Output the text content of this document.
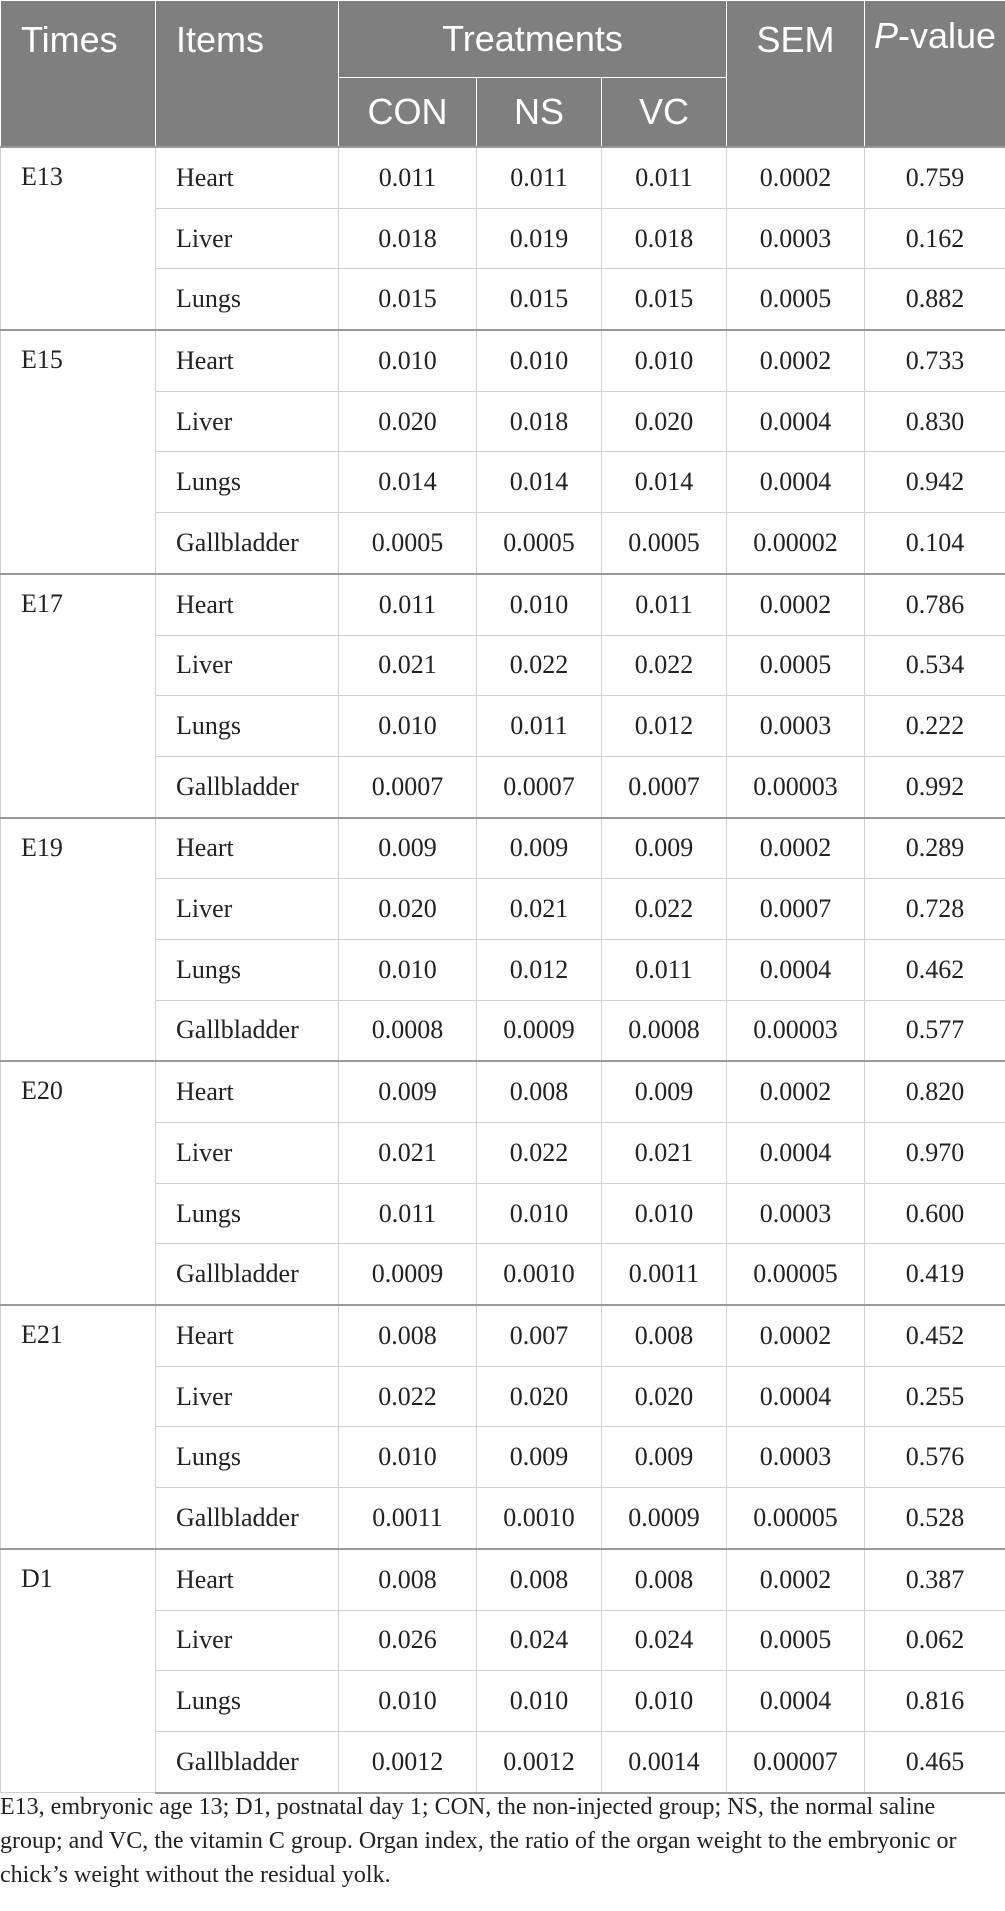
Times	Items	Treatments			SEM	P-value
		CON	NS	VC		
E13	Heart	0.011	0.011	0.011	0.0002	0.759
	Liver	0.018	0.019	0.018	0.0003	0.162
	Lungs	0.015	0.015	0.015	0.0005	0.882
E15	Heart	0.010	0.010	0.010	0.0002	0.733
	Liver	0.020	0.018	0.020	0.0004	0.830
	Lungs	0.014	0.014	0.014	0.0004	0.942
	Gallbladder	0.0005	0.0005	0.0005	0.00002	0.104
E17	Heart	0.011	0.010	0.011	0.0002	0.786
	Liver	0.021	0.022	0.022	0.0005	0.534
	Lungs	0.010	0.011	0.012	0.0003	0.222
	Gallbladder	0.0007	0.0007	0.0007	0.00003	0.992
E19	Heart	0.009	0.009	0.009	0.0002	0.289
	Liver	0.020	0.021	0.022	0.0007	0.728
	Lungs	0.010	0.012	0.011	0.0004	0.462
	Gallbladder	0.0008	0.0009	0.0008	0.00003	0.577
E20	Heart	0.009	0.008	0.009	0.0002	0.820
	Liver	0.021	0.022	0.021	0.0004	0.970
	Lungs	0.011	0.010	0.010	0.0003	0.600
	Gallbladder	0.0009	0.0010	0.0011	0.00005	0.419
E21	Heart	0.008	0.007	0.008	0.0002	0.452
	Liver	0.022	0.020	0.020	0.0004	0.255
	Lungs	0.010	0.009	0.009	0.0003	0.576
	Gallbladder	0.0011	0.0010	0.0009	0.00005	0.528
D1	Heart	0.008	0.008	0.008	0.0002	0.387
	Liver	0.026	0.024	0.024	0.0005	0.062
	Lungs	0.010	0.010	0.010	0.0004	0.816
	Gallbladder	0.0012	0.0012	0.0014	0.00007	0.465
E13, embryonic age 13; D1, postnatal day 1; CON, the non-injected group; NS, the normal saline group; and VC, the vitamin C group. Organ index, the ratio of the organ weight to the embryonic or chick’s weight without the residual yolk.
